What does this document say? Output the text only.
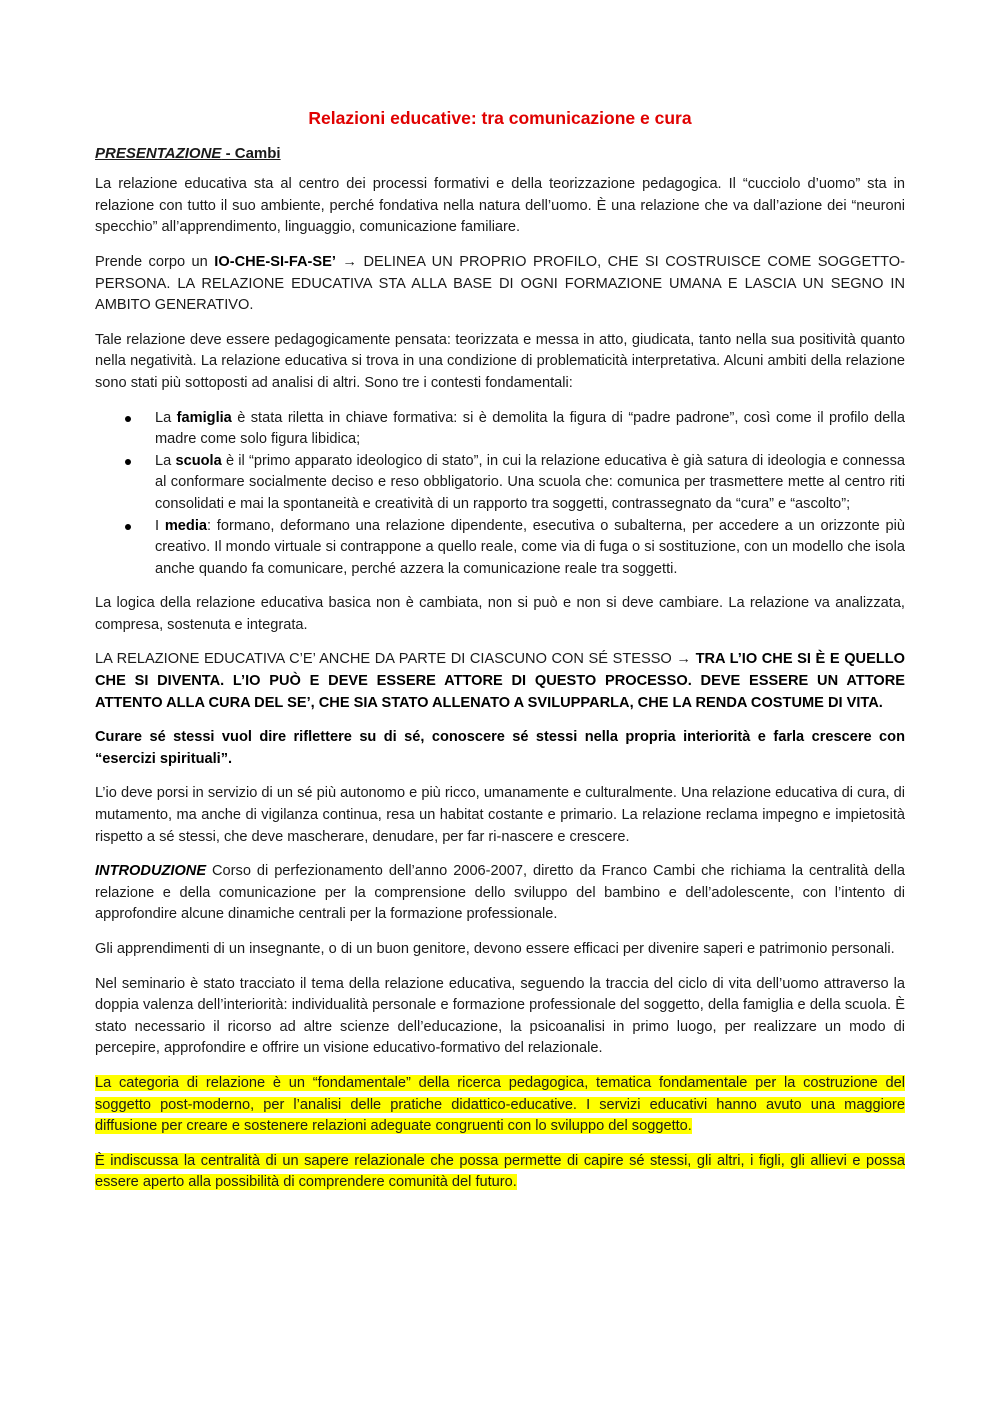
Relazioni educative: tra comunicazione e cura
PRESENTAZIONE - Cambi

La relazione educativa sta al centro dei processi formativi e della teorizzazione pedagogica. Il “cucciolo d’uomo” sta in relazione con tutto il suo ambiente, perché fondativa nella natura dell’uomo. È una relazione che va dall’azione dei “neuroni specchio” all’apprendimento, linguaggio, comunicazione familiare.

Prende corpo un IO-CHE-SI-FA-SE’ → DELINEA UN PROPRIO PROFILO, CHE SI COSTRUISCE COME SOGGETTO-PERSONA. LA RELAZIONE EDUCATIVA STA ALLA BASE DI OGNI FORMAZIONE UMANA E LASCIA UN SEGNO IN AMBITO GENERATIVO.

Tale relazione deve essere pedagogicamente pensata: teorizzata e messa in atto, giudicata, tanto nella sua positività quanto nella negatività. La relazione educativa si trova in una condizione di problematicità interpretativa. Alcuni ambiti della relazione sono stati più sottoposti ad analisi di altri. Sono tre i contesti fondamentali:

La famiglia è stata riletta in chiave formativa: si è demolita la figura di “padre padrone”, così come il profilo della madre come solo figura libidica;
La scuola è il “primo apparato ideologico di stato”, in cui la relazione educativa è già satura di ideologia e connessa al conformare socialmente deciso e reso obbligatorio. Una scuola che: comunica per trasmettere mette al centro riti consolidati e mai la spontaneità e creatività di un rapporto tra soggetti, contrassegnato da “cura” e “ascolto”;
I media: formano, deformano una relazione dipendente, esecutiva o subalterna, per accedere a un orizzonte più creativo. Il mondo virtuale si contrappone a quello reale, come via di fuga o si sostituzione, con un modello che isola anche quando fa comunicare, perché azzera la comunicazione reale tra soggetti.

La logica della relazione educativa basica non è cambiata, non si può e non si deve cambiare. La relazione va analizzata, compresa, sostenuta e integrata.

LA RELAZIONE EDUCATIVA C’E’ ANCHE DA PARTE DI CIASCUNO CON SÉ STESSO → TRA L’IO CHE SI È E QUELLO CHE SI DIVENTA. L’IO PUÒ E DEVE ESSERE ATTORE DI QUESTO PROCESSO. DEVE ESSERE UN ATTORE ATTENTO ALLA CURA DEL SE’, CHE SIA STATO ALLENATO A SVILUPPARLA, CHE LA RENDA COSTUME DI VITA.

Curare sé stessi vuol dire riflettere su di sé, conoscere sé stessi nella propria interiorità e farla crescere con “esercizi spirituali”.

L’io deve porsi in servizio di un sé più autonomo e più ricco, umanamente e culturalmente. Una relazione educativa di cura, di mutamento, ma anche di vigilanza continua, resa un habitat costante e primario. La relazione reclama impegno e impietosità rispetto a sé stessi, che deve mascherare, denudare, per far ri-nascere e crescere.

INTRODUZIONE Corso di perfezionamento dell’anno 2006-2007, diretto da Franco Cambi che richiama la centralità della relazione e della comunicazione per la comprensione dello sviluppo del bambino e dell’adolescente, con l’intento di approfondire alcune dinamiche centrali per la formazione professionale.

Gli apprendimenti di un insegnante, o di un buon genitore, devono essere efficaci per divenire saperi e patrimonio personali.

Nel seminario è stato tracciato il tema della relazione educativa, seguendo la traccia del ciclo di vita dell’uomo attraverso la doppia valenza dell’interiorità: individualità personale e formazione professionale del soggetto, della famiglia e della scuola. È stato necessario il ricorso ad altre scienze dell’educazione, la psicoanalisi in primo luogo, per realizzare un modo di percepire, approfondire e offrire un visione educativo-formativo del relazionale.

La categoria di relazione è un “fondamentale” della ricerca pedagogica, tematica fondamentale per la costruzione del soggetto post-moderno, per l’analisi delle pratiche didattico-educative. I servizi educativi hanno avuto una maggiore diffusione per creare e sostenere relazioni adeguate congruenti con lo sviluppo del soggetto.

È indiscussa la centralità di un sapere relazionale che possa permette di capire sé stessi, gli altri, i figli, gli allievi e possa essere aperto alla possibilità di comprendere comunità del futuro.
